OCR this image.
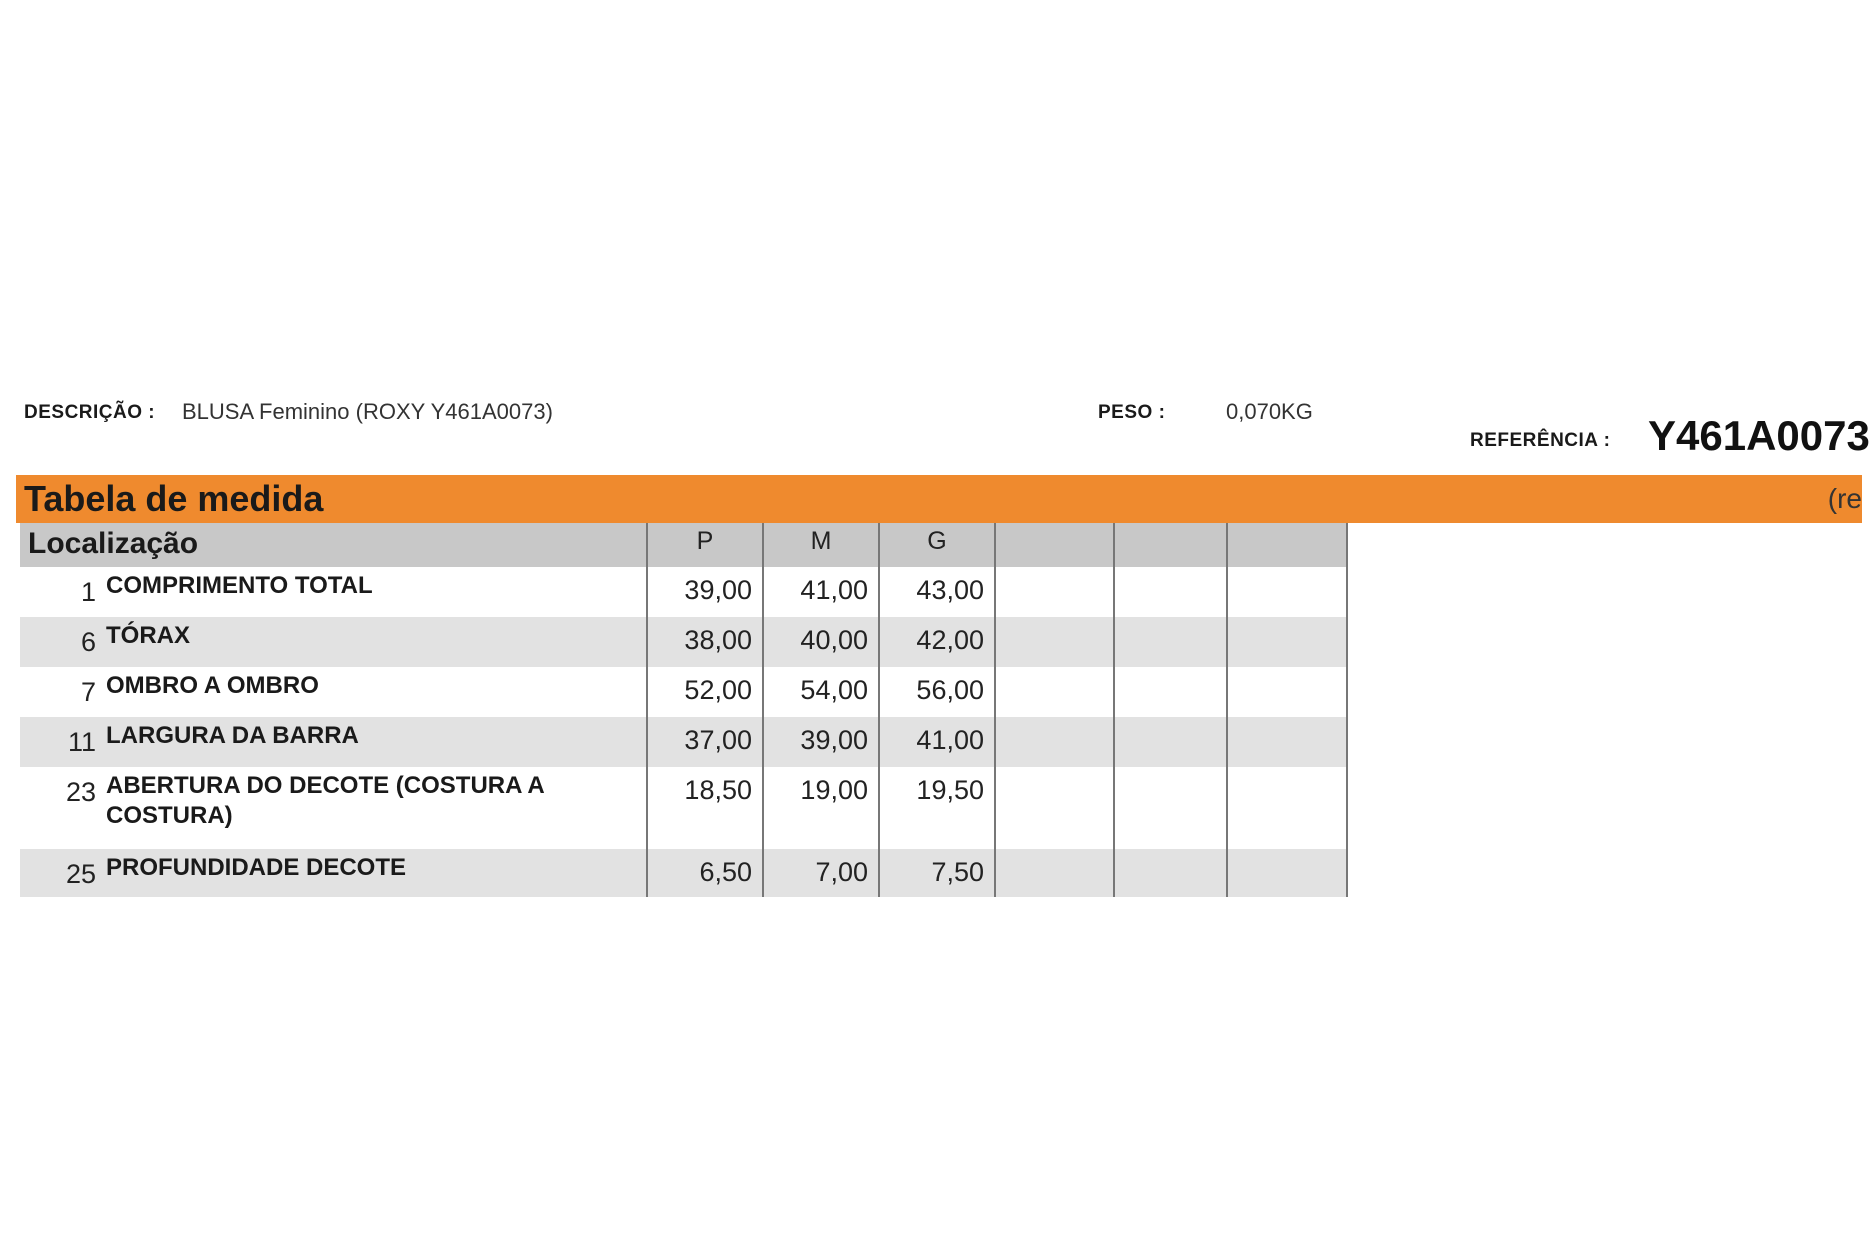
DESCRIÇÃO : BLUSA Feminino (ROXY Y461A0073)	PESO :	0,070KG
REFERÊNCIA : Y461A0073
Tabela de medida	(re
Localização	P	M	G			

1 COMPRIMENTO TOTAL	39,00	41,00	43,00			

6 TÓRAX	38,00	40,00	42,00			

7 OMBRO A OMBRO	52,00	54,00	56,00			

11 LARGURA DA BARRA	37,00	39,00	41,00			

23 ABERTURA DO DECOTE (COSTURA A COSTURA)	18,50	19,00	19,50			

25 PROFUNDIDADE DECOTE	6,50	7,00	7,50			
